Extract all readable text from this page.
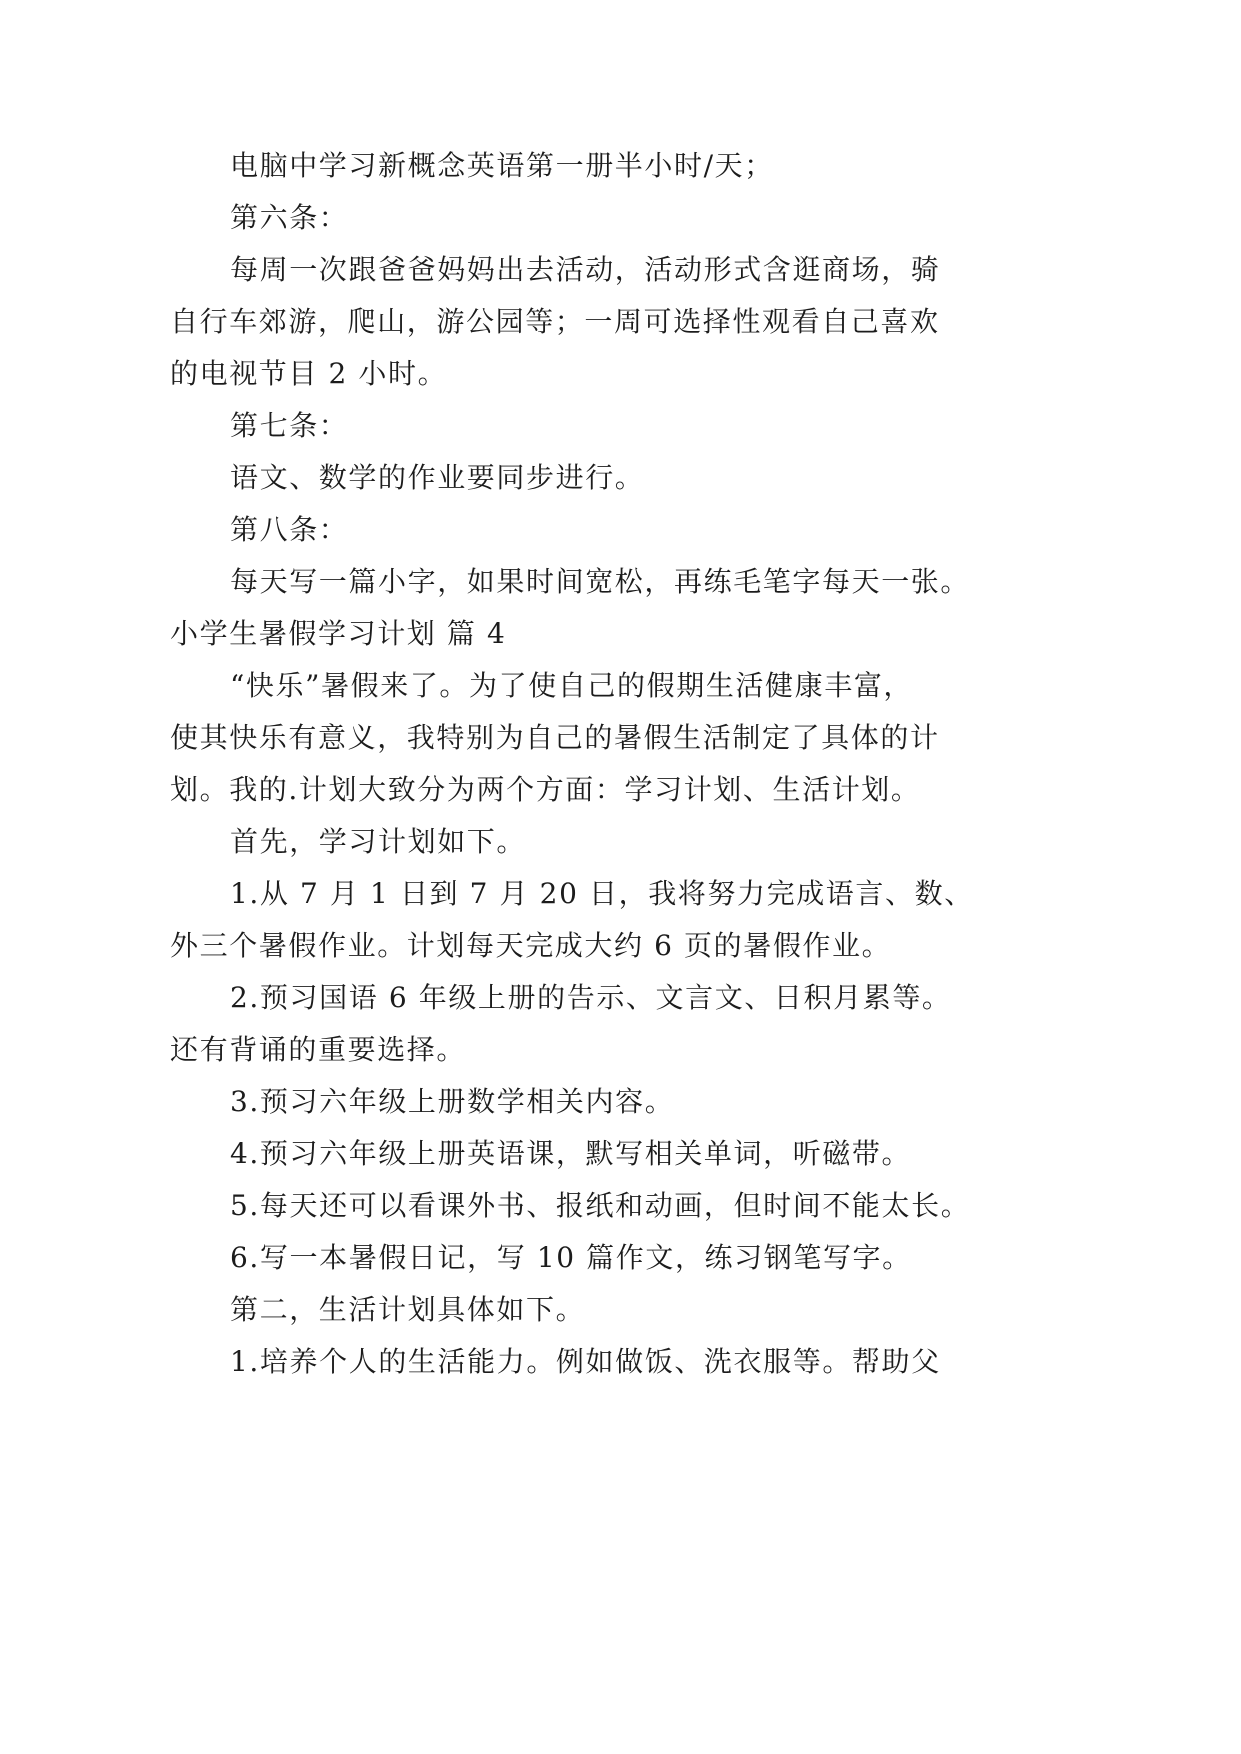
电脑中学习新概念英语第一册半小时/天；
第六条：
每周一次跟爸爸妈妈出去活动，活动形式含逛商场，骑
自行车郊游，爬山，游公园等；一周可选择性观看自己喜欢
的电视节目 2 小时。
第七条：
语文、数学的作业要同步进行。
第八条：
每天写一篇小字，如果时间宽松，再练毛笔字每天一张。
小学生暑假学习计划 篇 4
“快乐”暑假来了。为了使自己的假期生活健康丰富，
使其快乐有意义，我特别为自己的暑假生活制定了具体的计
划。我的.计划大致分为两个方面：学习计划、生活计划。
首先，学习计划如下。
1.从 7 月 1 日到 7 月 20 日，我将努力完成语言、数、
外三个暑假作业。计划每天完成大约 6 页的暑假作业。
2.预习国语 6 年级上册的告示、文言文、日积月累等。
还有背诵的重要选择。
3.预习六年级上册数学相关内容。
4.预习六年级上册英语课，默写相关单词，听磁带。
5.每天还可以看课外书、报纸和动画，但时间不能太长。
6.写一本暑假日记，写 10 篇作文，练习钢笔写字。
第二，生活计划具体如下。
1.培养个人的生活能力。例如做饭、洗衣服等。帮助父
